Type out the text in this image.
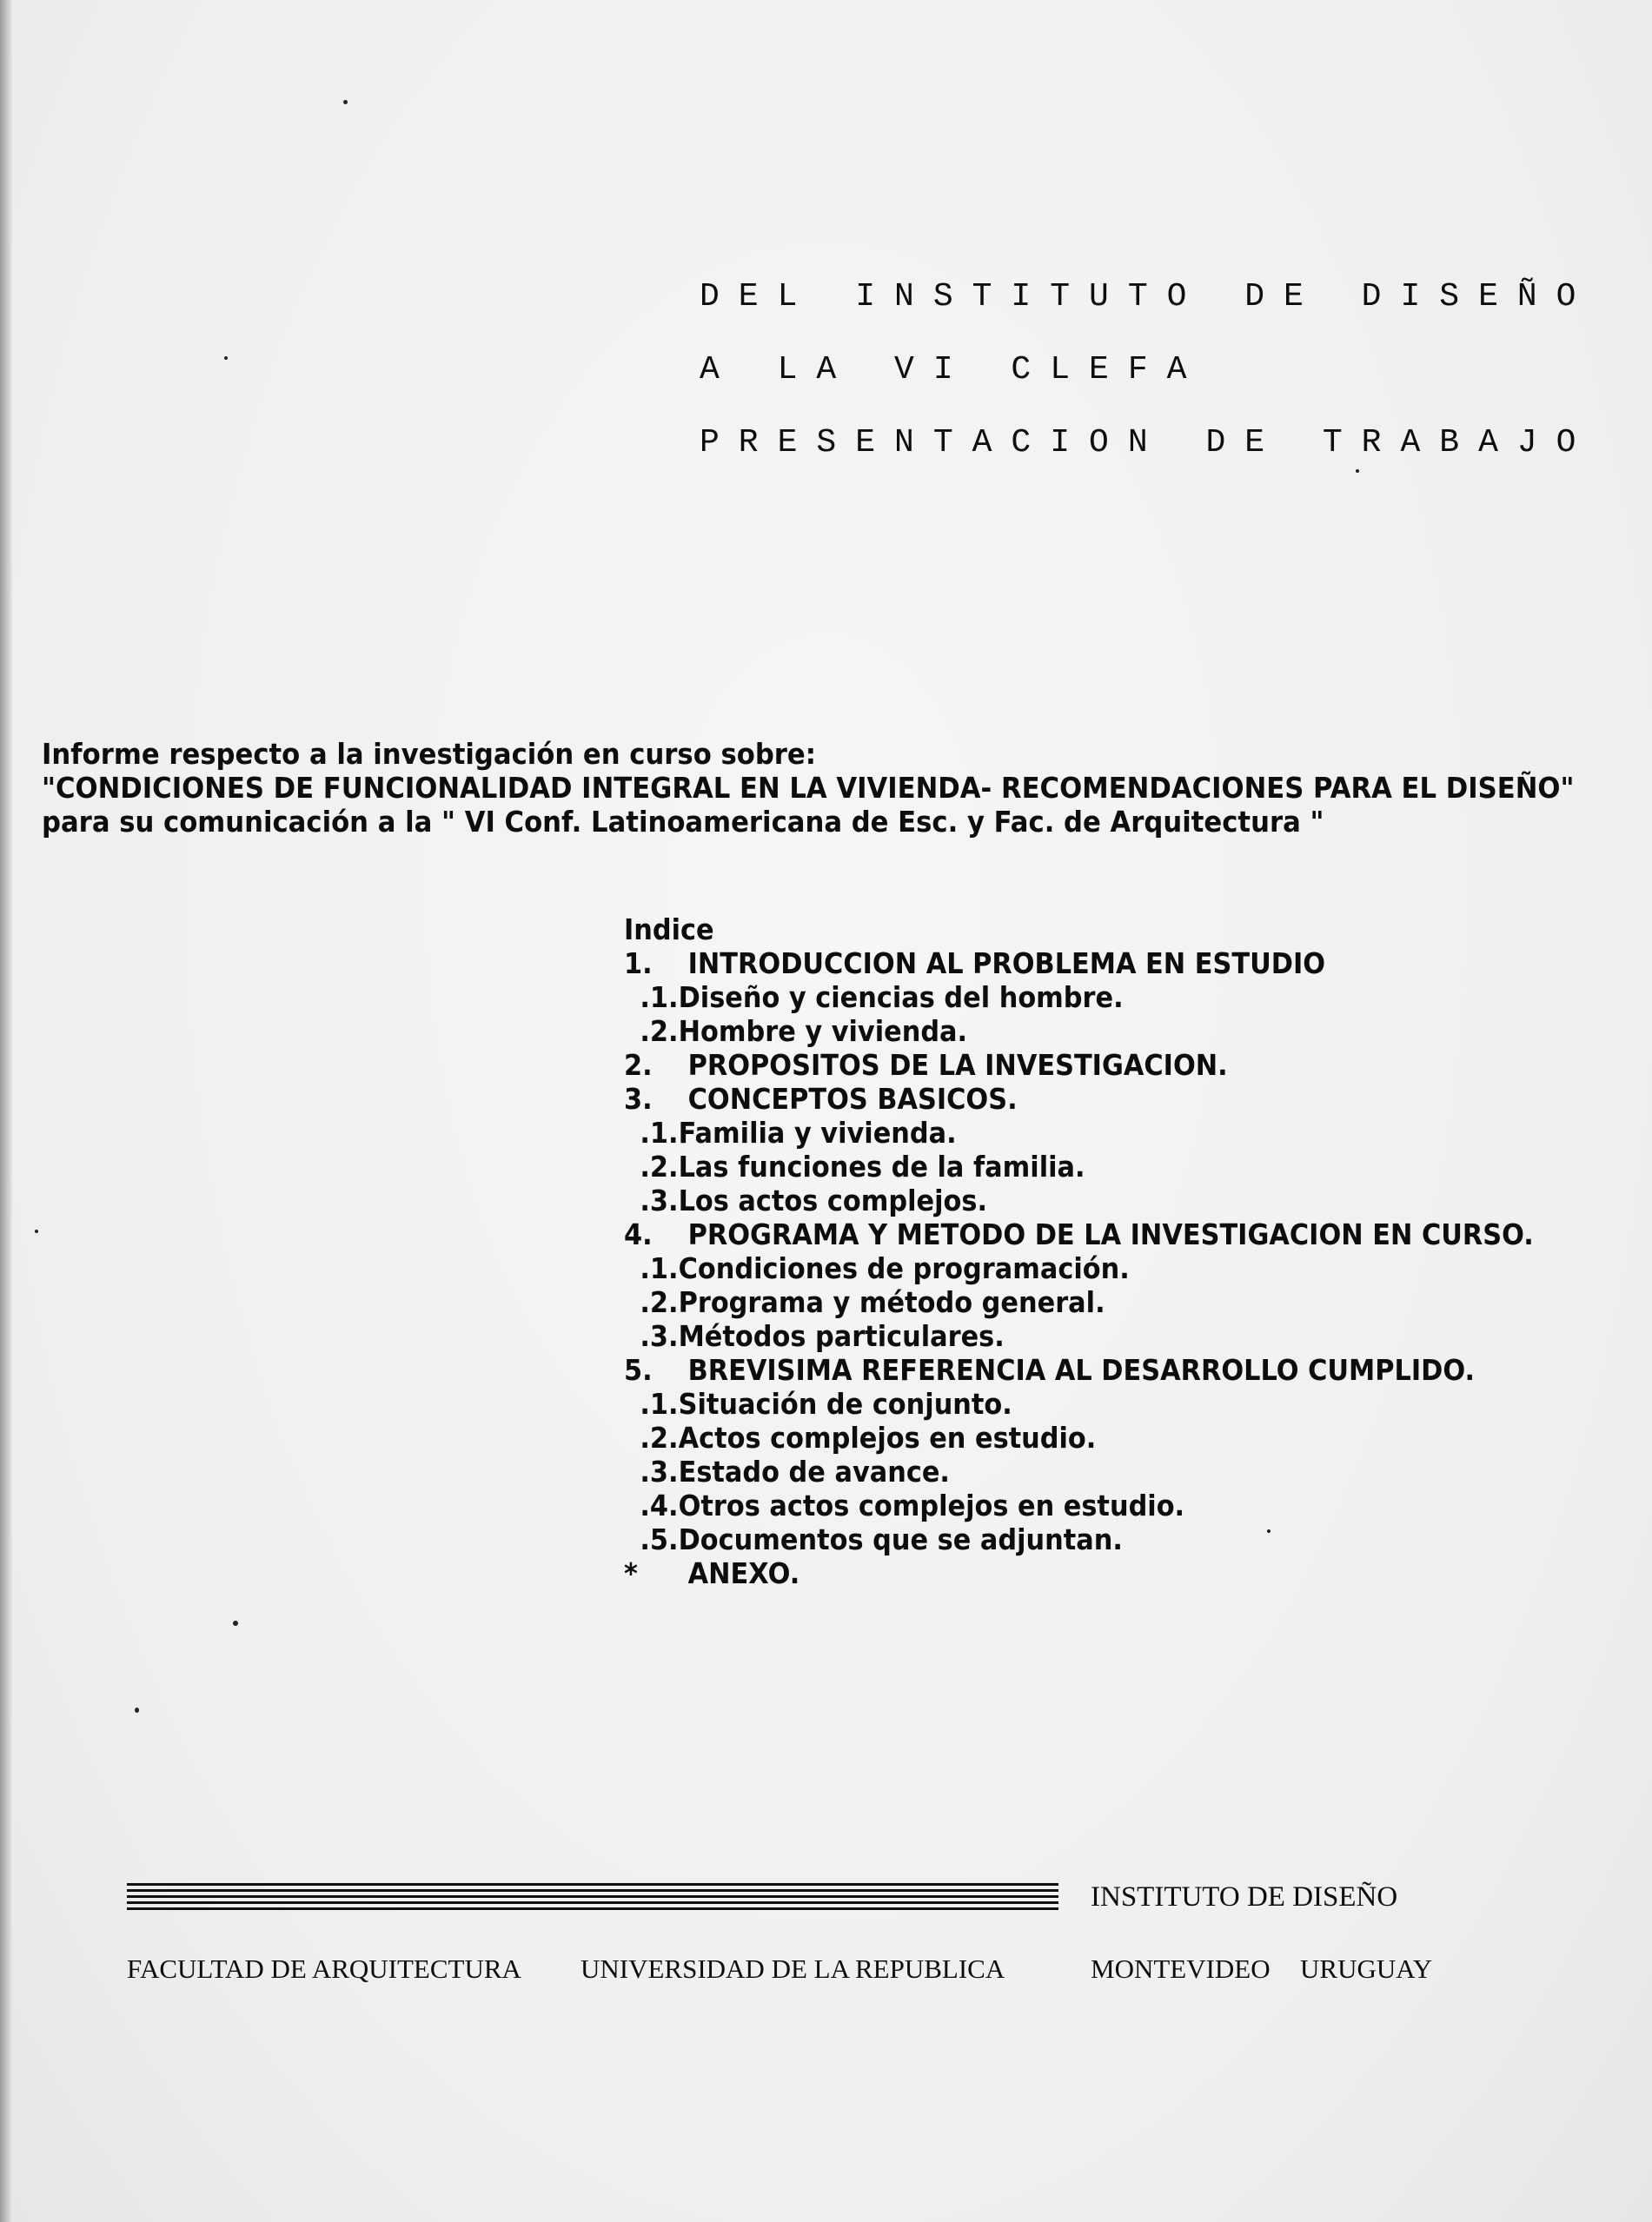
DEL INSTITUTO DE DISEÑO
A LA VI CLEFA
PRESENTACION DE TRABAJO
Informe respecto a la investigación en curso sobre:
"CONDICIONES DE FUNCIONALIDAD INTEGRAL EN LA VIVIENDA- RECOMENDACIONES PARA EL DISEÑO"
para su comunicación a la " VI Conf. Latinoamericana de Esc. y Fac. de Arquitectura "
Indice
1. INTRODUCCION AL PROBLEMA EN ESTUDIO
.1.Diseño y ciencias del hombre.
.2.Hombre y vivienda.
2. PROPOSITOS DE LA INVESTIGACION.
3. CONCEPTOS BASICOS.
.1.Familia y vivienda.
.2.Las funciones de la familia.
.3.Los actos complejos.
4. PROGRAMA Y METODO DE LA INVESTIGACION EN CURSO.
.1.Condiciones de programación.
.2.Programa y método general.
.3.Métodos particulares.
5. BREVISIMA REFERENCIA AL DESARROLLO CUMPLIDO.
.1.Situación de conjunto.
.2.Actos complejos en estudio.
.3.Estado de avance.
.4.Otros actos complejos en estudio.
.5.Documentos que se adjuntan.
* ANEXO.
INSTITUTO DE DISEÑO
FACULTAD DE ARQUITECTURA UNIVERSIDAD DE LA REPUBLICA	MONTEVIDEO URUGUAY
